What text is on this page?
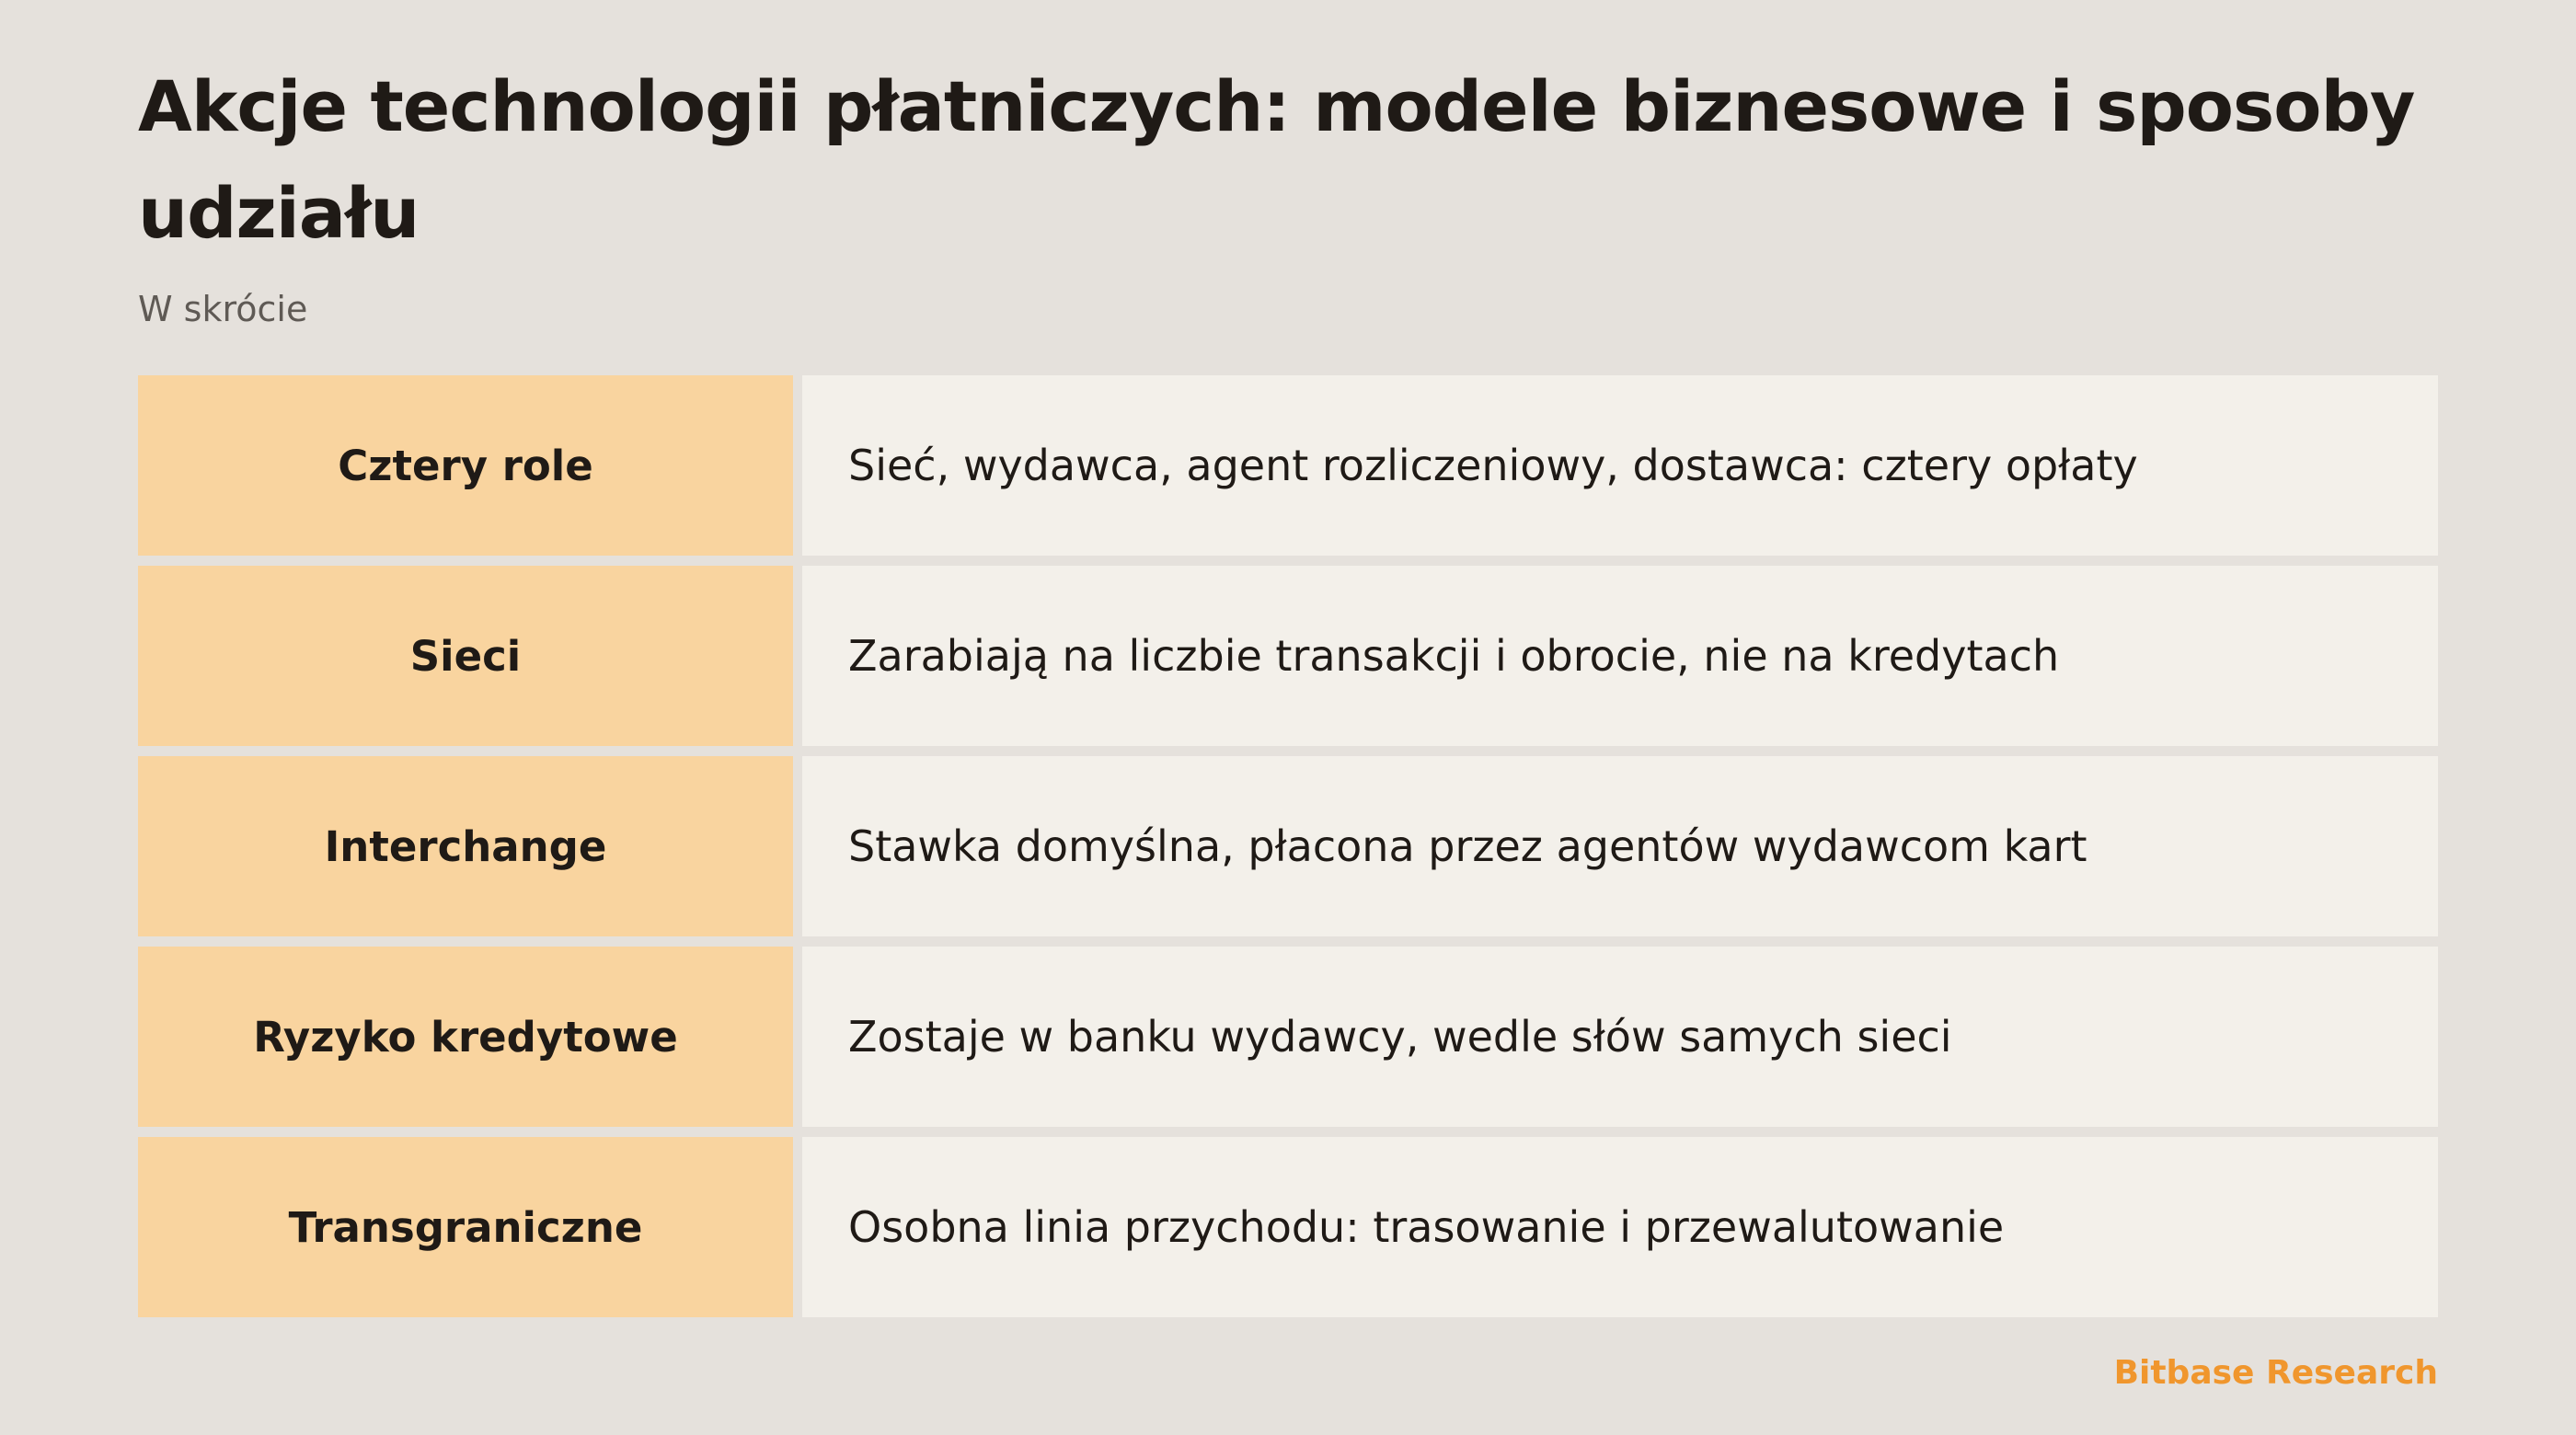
Akcje technologii płatniczych: modele biznesowe i sposoby udziału

W skrócie

Cztery role	Sieć, wydawca, agent rozliczeniowy, dostawca: cztery opłaty
Sieci	Zarabiają na liczbie transakcji i obrocie, nie na kredytach
Interchange	Stawka domyślna, płacona przez agentów wydawcom kart
Ryzyko kredytowe	Zostaje w banku wydawcy, wedle słów samych sieci
Transgraniczne	Osobna linia przychodu: trasowanie i przewalutowanie
Bitbase Research
